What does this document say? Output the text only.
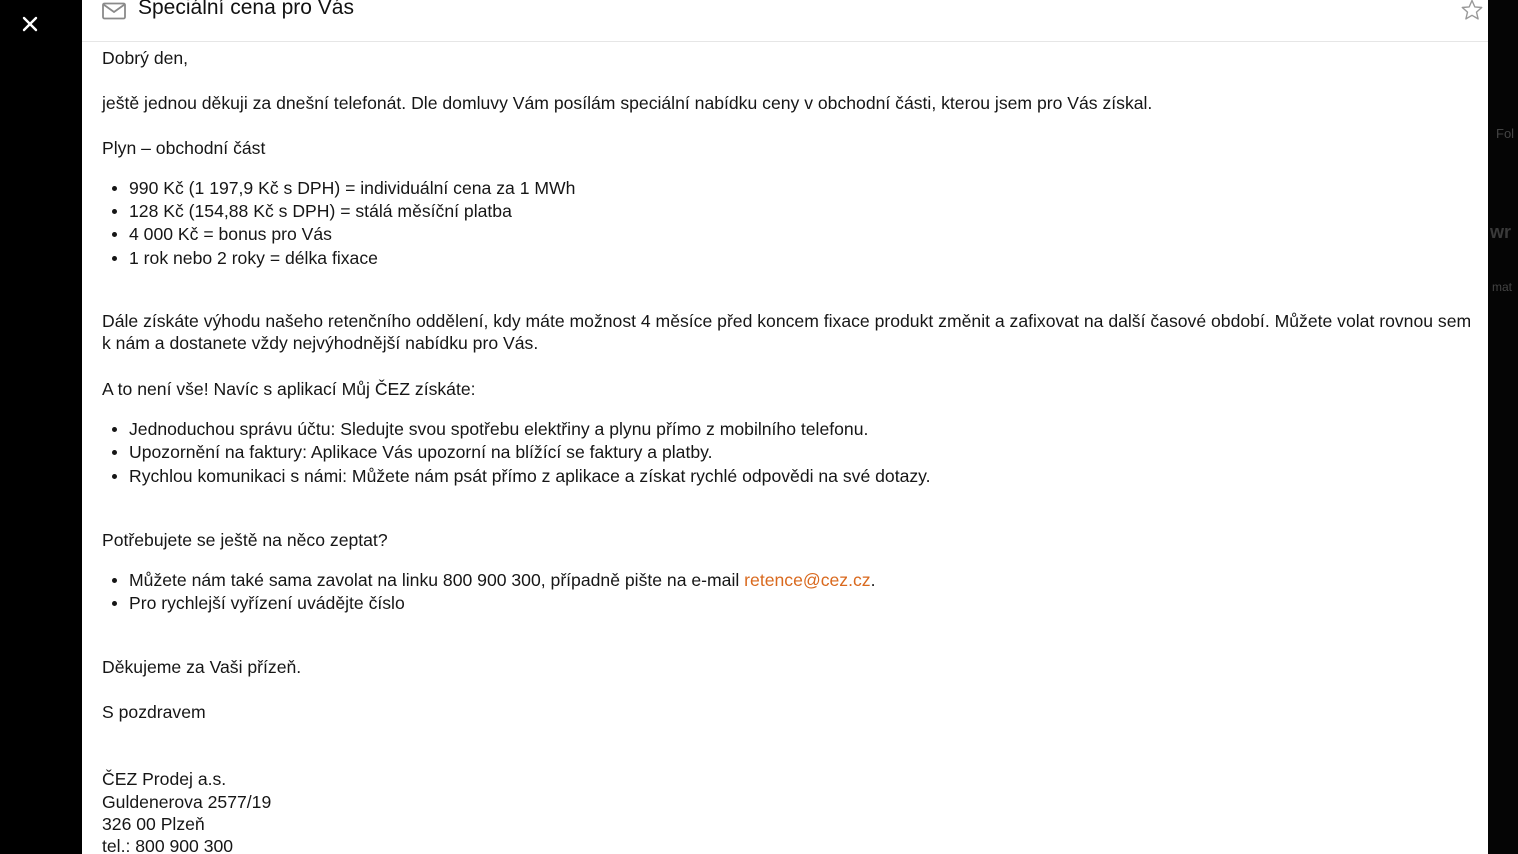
Fol
wr
mat
Speciální cena pro Vás
Dobrý den,
ještě jednou děkuji za dnešní telefonát. Dle domluvy Vám posílám speciální nabídku ceny v obchodní části, kterou jsem pro Vás získal.
Plyn – obchodní část
990 Kč (1 197,9 Kč s DPH) = individuální cena za 1 MWh
128 Kč (154,88 Kč s DPH) = stálá měsíční platba
4 000 Kč = bonus pro Vás
1 rok nebo 2 roky = délka fixace
Dále získáte výhodu našeho retenčního oddělení, kdy máte možnost 4 měsíce před koncem fixace produkt změnit a zafixovat na další časové období. Můžete volat rovnou sem k nám a dostanete vždy nejvýhodnější nabídku pro Vás.
A to není vše! Navíc s aplikací Můj ČEZ získáte:
Jednoduchou správu účtu: Sledujte svou spotřebu elektřiny a plynu přímo z mobilního telefonu.
Upozornění na faktury: Aplikace Vás upozorní na blížící se faktury a platby.
Rychlou komunikaci s námi: Můžete nám psát přímo z aplikace a získat rychlé odpovědi na své dotazy.
Potřebujete se ještě na něco zeptat?
Můžete nám také sama zavolat na linku 800 900 300, případně pište na e-mail retence@cez.cz.
Pro rychlejší vyřízení uvádějte číslo
Děkujeme za Vaši přízeň.
S pozdravem
ČEZ Prodej a.s.
Guldenerova 2577/19
326 00 Plzeň
tel.: 800 900 300
